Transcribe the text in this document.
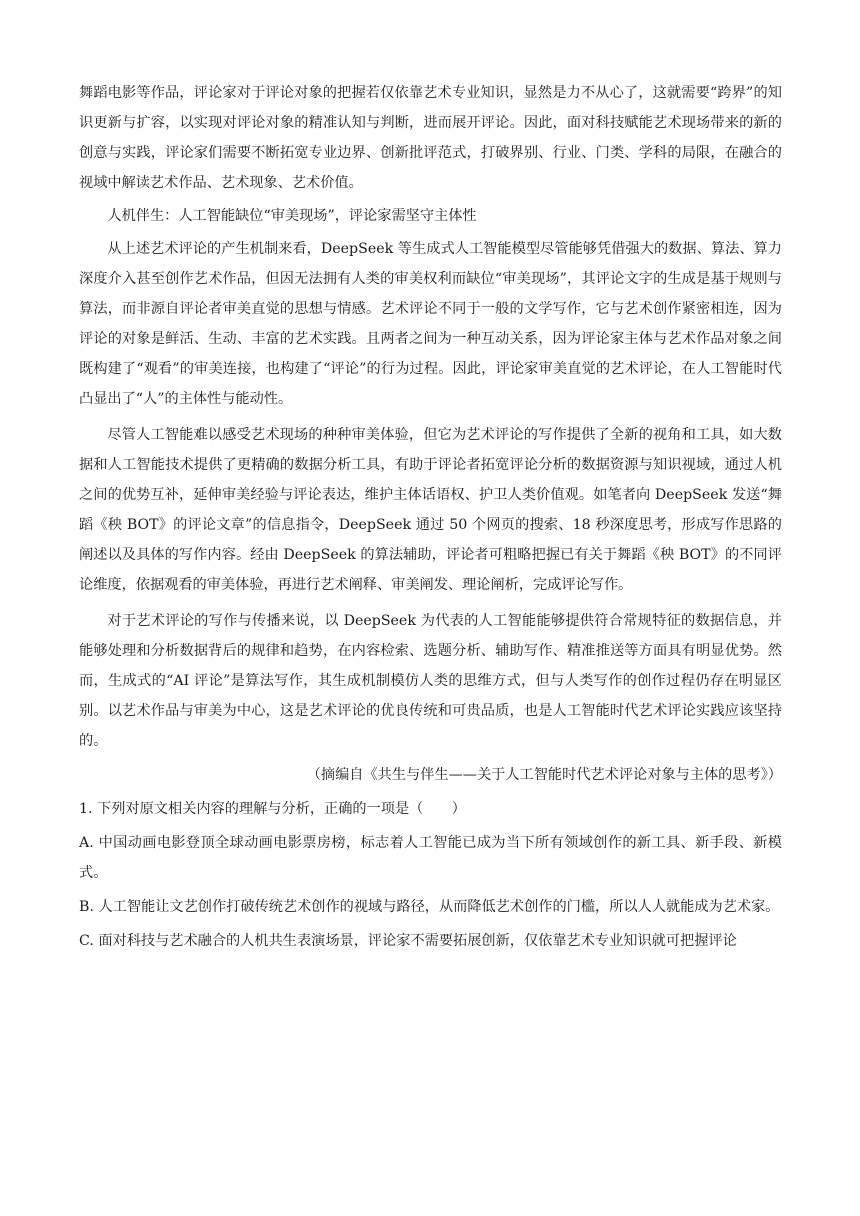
舞蹈电影等作品，评论家对于评论对象的把握若仅依靠艺术专业知识，显然是力不从心了，这就需要“跨界”的知识更新与扩容，以实现对评论对象的精准认知与判断，进而展开评论。因此，面对科技赋能艺术现场带来的新的创意与实践，评论家们需要不断拓宽专业边界、创新批评范式，打破界别、行业、门类、学科的局限，在融合的视域中解读艺术作品、艺术现象、艺术价值。

人机伴生：人工智能缺位“审美现场”，评论家需坚守主体性

从上述艺术评论的产生机制来看，DeepSeek 等生成式人工智能模型尽管能够凭借强大的数据、算法、算力深度介入甚至创作艺术作品，但因无法拥有人类的审美权利而缺位“审美现场”，其评论文字的生成是基于规则与算法，而非源自评论者审美直觉的思想与情感。艺术评论不同于一般的文学写作，它与艺术创作紧密相连，因为评论的对象是鲜活、生动、丰富的艺术实践。且两者之间为一种互动关系，因为评论家主体与艺术作品对象之间既构建了“观看”的审美连接，也构建了“评论”的行为过程。因此，评论家审美直觉的艺术评论，在人工智能时代凸显出了“人”的主体性与能动性。

尽管人工智能难以感受艺术现场的种种审美体验，但它为艺术评论的写作提供了全新的视角和工具，如大数据和人工智能技术提供了更精确的数据分析工具，有助于评论者拓宽评论分析的数据资源与知识视域，通过人机之间的优势互补，延伸审美经验与评论表达，维护主体话语权、护卫人类价值观。如笔者向 DeepSeek 发送“舞蹈《秧 BOT》的评论文章”的信息指令，DeepSeek 通过 50 个网页的搜索、18 秒深度思考，形成写作思路的阐述以及具体的写作内容。经由 DeepSeek 的算法辅助，评论者可粗略把握已有关于舞蹈《秧 BOT》的不同评论维度，依据观看的审美体验，再进行艺术阐释、审美阐发、理论阐析，完成评论写作。

对于艺术评论的写作与传播来说，以 DeepSeek 为代表的人工智能能够提供符合常规特征的数据信息，并能够处理和分析数据背后的规律和趋势，在内容检索、选题分析、辅助写作、精准推送等方面具有明显优势。然而，生成式的“AI 评论”是算法写作，其生成机制模仿人类的思维方式，但与人类写作的创作过程仍存在明显区别。以艺术作品与审美为中心，这是艺术评论的优良传统和可贵品质，也是人工智能时代艺术评论实践应该坚持的。

（摘编自《共生与伴生——关于人工智能时代艺术评论对象与主体的思考》）

1. 下列对原文相关内容的理解与分析，正确的一项是（　　）

A. 中国动画电影登顶全球动画电影票房榜，标志着人工智能已成为当下所有领域创作的新工具、新手段、新模式。

B. 人工智能让文艺创作打破传统艺术创作的视域与路径，从而降低艺术创作的门槛，所以人人就能成为艺术家。

C. 面对科技与艺术融合的人机共生表演场景，评论家不需要拓展创新，仅依靠艺术专业知识就可把握评论
